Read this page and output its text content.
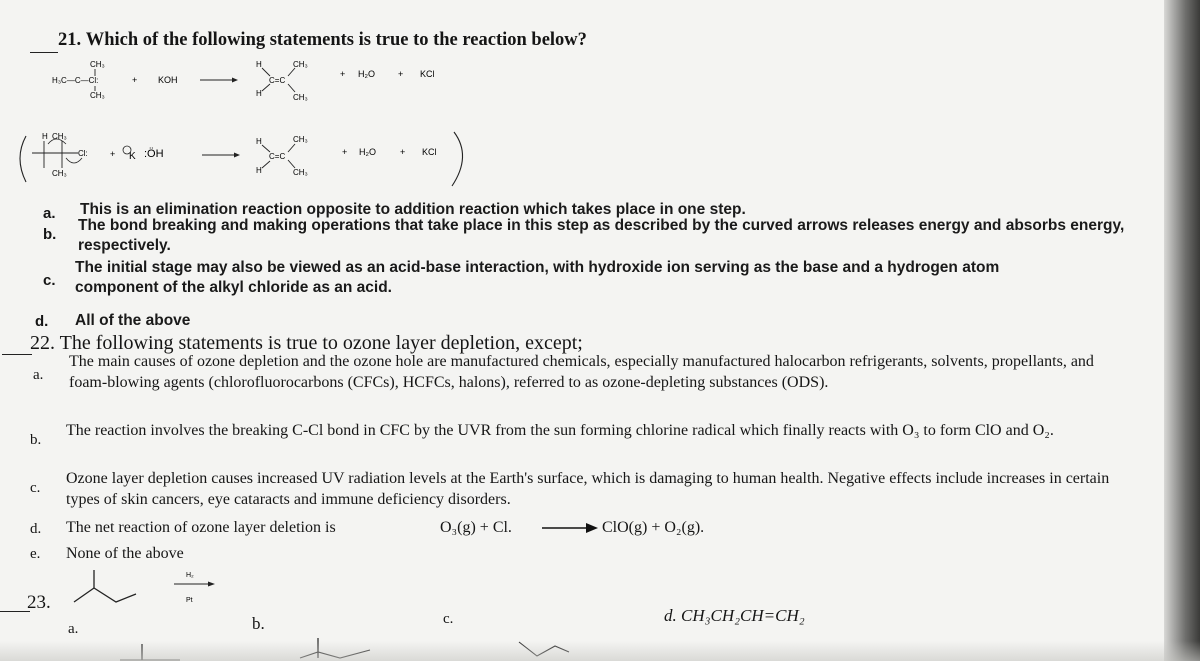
21. Which of the following statements is true to the reaction below?
CH₃
H₃C—C—Cl:
CH₃
+ KOH
H
H
C=C
CH₃
CH₃
+ H₂O	+ KCl
H CH₃
Cl:
CH₃
+ K :ÖH
H
H
C=C
CH₃
CH₃
+ H₂O	+ KCl
a. This is an elimination reaction opposite to addition reaction which takes place in one step.
b.
The bond breaking and making operations that take place in this step as described by the curved arrows releases energy and absorbs energy, respectively.
c.
The initial stage may also be viewed as an acid-base interaction, with hydroxide ion serving as the base and a hydrogen atom component of the alkyl chloride as an acid.
d. All of the above
22. The following statements is true to ozone layer depletion, except;
a.
The main causes of ozone depletion and the ozone hole are manufactured chemicals, especially manufactured halocarbon refrigerants, solvents, propellants, and foam-blowing agents (chlorofluorocarbons (CFCs), HCFCs, halons), referred to as ozone-depleting substances (ODS).
b.
The reaction involves the breaking C-Cl bond in CFC by the UVR from the sun forming chlorine radical which finally reacts with O₃ to form ClO and O₂.
c.
Ozone layer depletion causes increased UV radiation levels at the Earth's surface, which is damaging to human health. Negative effects include increases in certain types of skin cancers, eye cataracts and immune deficiency disorders.
d. The net reaction of ozone layer deletion is	O₃(g) + Cl.	ClO(g) + O₂(g).
e. None of the above
23.
H₂
Pt
a.	b.	c.	d. CH₃CH₂CH=CH₂
